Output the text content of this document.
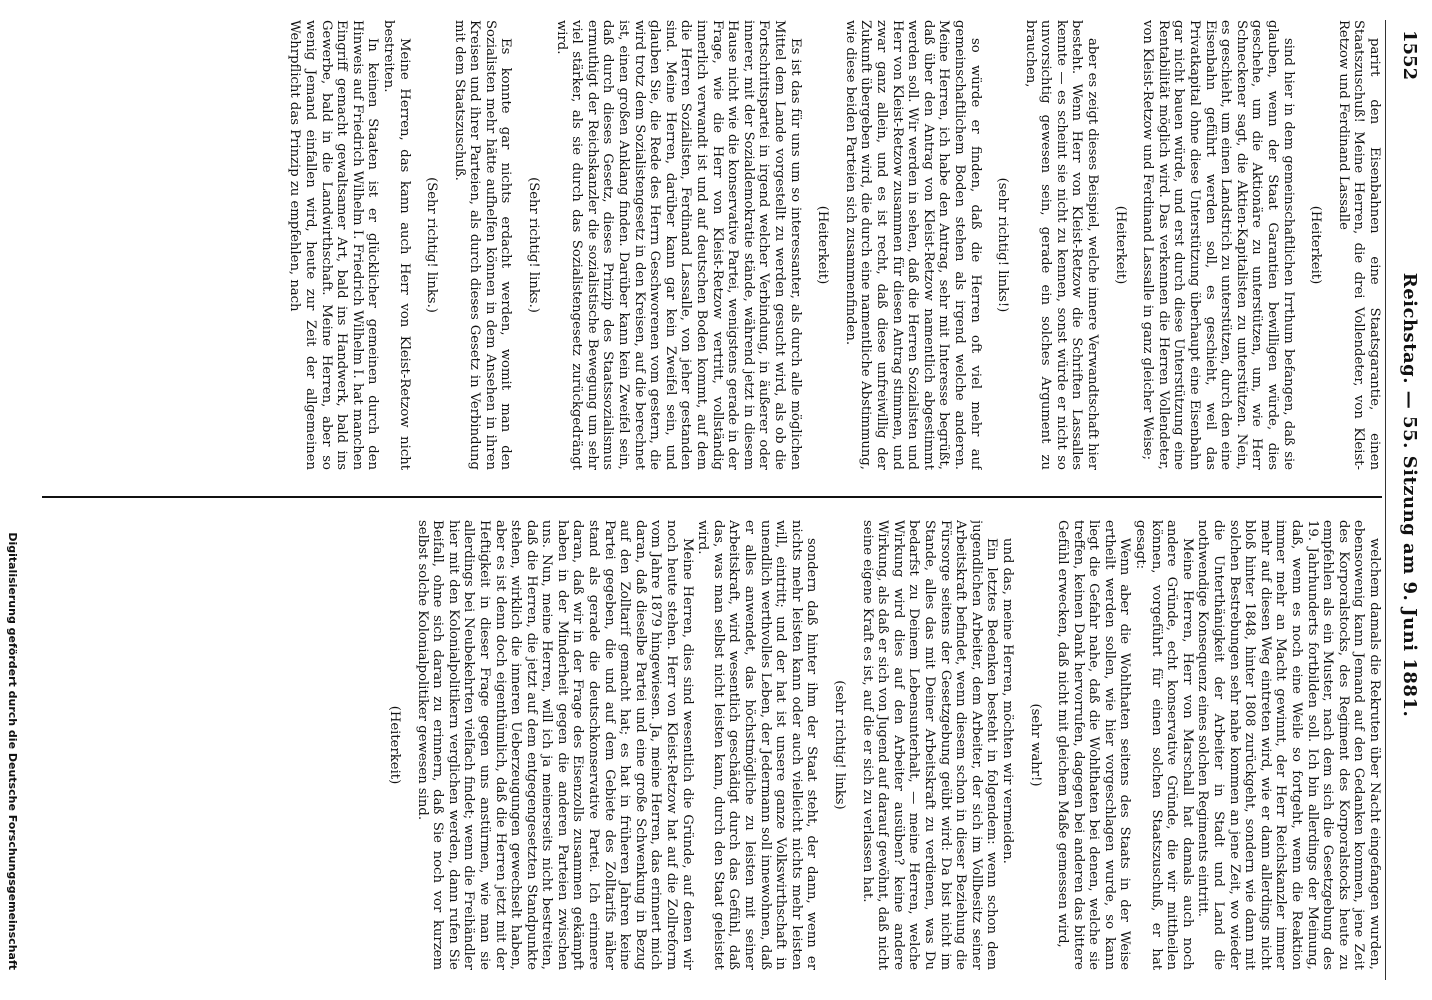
1552
Reichstag. — 55. Sitzung am 9. Juni 1881.

parirt den Eisenbahnen eine Staatsgarantie, einen Staatszuschuß! Meine Herren, die drei Vollendeter, von Kleist-Retzow und Ferdinand Lassalle

(Heiterkeit)

sind hier in dem gemeinschaftlichen Irrthum befangen, daß sie glauben, wenn der Staat Garantien bewilligen würde, dies geschehe, um die Aktionäre zu unterstützen, um, wie Herr Schneckener sagt, die Aktien-Kapitalisten zu unterstützen. Nein, es geschieht, um einen Landstrich zu unterstützen, durch den eine Eisenbahn geführt werden soll, es geschieht, weil das Privatkapital ohne diese Unterstützung überhaupt eine Eisenbahn gar nicht bauen würde, und erst durch diese Unterstützung eine Rentabilität möglich wird. Das verkennen die Herren Vollendeter, von Kleist-Retzow und Ferdinand Lassalle in ganz gleicher Weise;

(Heiterkeit)

aber es zeigt dieses Beispiel, welche innere Verwandtschaft hier besteht. Wenn Herr von Kleist-Retzow die Schriften Lassalles kennte — es scheint sie nicht zu kennen, sonst würde er nicht so unvorsichtig gewesen sein, gerade ein solches Argument zu brauchen,

(sehr richtig! links!)

so würde er finden, daß die Herren oft viel mehr auf gemeinschaftlichem Boden stehen als irgend welche anderen. Meine Herren, ich habe den Antrag, sehr mit Interesse begrüßt, daß über den Antrag von Kleist-Retzow namentlich abgestimmt werden soll. Wir werden in sehen, daß die Herren Sozialisten und Herr von Kleist-Retzow zusammen für diesen Antrag stimmen, und zwar ganz allein, und es ist recht, daß diese unfreiwillig der Zukunft übergeben wird, die durch eine namentliche Abstimmung, wie diese beiden Parteien sich zusammenfinden.

(Heiterkeit)

Es ist das für uns um so interessanter, als durch alle möglichen Mittel dem Lande vorgestellt zu werden gesucht wird, als ob die Fortschrittspartei in irgend welcher Verbindung, in äußerer oder innerer, mit der Sozialdemokratie stände, während jetzt in diesem Hause nicht wie die konservative Partei, wenigstens gerade in der Frage, wie die Herr von Kleist-Retzow vertritt, vollständig innerlich verwandt ist und auf deutschen Boden kommt, auf dem die Herren Sozialisten, Ferdinand Lassalle, von jeher gestanden sind. Meine Herren, darüber kann gar kein Zweifel sein, und glauben Sie, die Rede des Herrn Geschworenen vom gestern, die wird trotz dem Sozialistengesetz in den Kreisen, auf die berechnet ist, einen großen Anklang finden. Darüber kann kein Zweifel sein, daß durch dieses Gesetz, dieses Prinzip des Staatssozialismus ermuthigt der Reichskanzler die sozialistische Bewegung um sehr viel stärker, als sie durch das Sozialistengesetz zurückgedrängt wird.

(Sehr richtig! links.)

Es konnte gar nichts erdacht werden, womit man den Sozialisten mehr hätte aufhelfen können in dem Ansehen in ihren Kreisen und ihrer Parteien, als durch dieses Gesetz in Verbindung mit dem Staatszuschuß.

(Sehr richtig! links.)

Meine Herren, das kann auch Herr von Kleist-Retzow nicht bestreiten.

In keinen Staaten ist er glücklicher gemeinen durch den Hinweis auf Friedrich Wilhelm I. Friedrich Wilhelm I. hat manchen Eingriff gemacht gewaltsamer Art, bald ins Handwerk, bald ins Gewerbe, bald in die Landwirthschaft. Meine Herren, aber so wenig Jemand einfallen wird, heute zur Zeit der allgemeinen Wehrpflicht das Prinzip zu empfehlen, nach

welchem damals die Rekruten über Nacht eingefangen wurden, ebensowenig kann Jemand auf den Gedanken kommen, jene Zeit des Korporalstocks, des Regiment des Korporalstocks heute zu empfehlen als ein Muster, nach dem sich die Gesetzgebung des 19. Jahrhunderts fortbilden soll. Ich bin allerdings der Meinung, daß, wenn es noch eine Weile so fortgeht, wenn die Reaktion immer mehr an Macht gewinnt, der Herr Reichskanzler immer mehr auf diesen Weg eintreten wird, wie er dann allerdings nicht bloß hinter 1848, hinter 1808 zurückgeht, sondern wie dann mit solchen Bestrebungen sehr nahe kommen an jene Zeit, wo wieder die Unterthänigkeit der Arbeiter in Stadt und Land die nothwendige Konsequenz eines solchen Regiments eintritt.

Meine Herren, Herr von Marschall hat damals auch noch andere Gründe, echt konservative Gründe, die wir mittheilen können, vorgeführt für einen solchen Staatszuschuß, er hat gesagt:

Wenn aber die Wohlthaten seitens des Staats in der Weise ertheilt werden sollen, wie hier vorgeschlagen wurde, so kann liegt die Gefahr nahe, daß die Wohlthaten bei denen, welche sie treffen, keinen Dank hervorrufen, dagegen bei anderen das bittere Gefühl erwecken, daß nicht mit gleichem Maße gemessen wird,

(sehr wahr!)

und das, meine Herren, möchten wir vermeiden.

Ein letztes Bedenken besteht in folgendem: wenn schon dem jugendlichen Arbeiter, dem Arbeiter, der sich im Vollbesitz seiner Arbeitskraft befindet, wenn diesem schon in dieser Beziehung die Fürsorge seitens der Gesetzgebung geübt wird: Da bist nicht im Stande, alles das mit Deiner Arbeitskraft zu verdienen, was Du bedarfst zu Deinem Lebensunterhalt, — meine Herren, welche Wirkung wird dies auf den Arbeiter ausüben? keine andere Wirkung, als daß er sich von Jugend auf darauf gewöhnt, daß nicht seine eigene Kraft es ist, auf die er sich zu verlassen hat.

(sehr richtig! links)

sondern daß hinter ihm der Staat steht, der dann, wenn er nichts mehr leisten kann oder auch vielleicht nichts mehr leisten will, eintritt; und der hat ist unsere ganze Volkswirthschaft in unendlich werthvolles Leben, der Jedermann soll innewohnen, daß er alles anwendet, das höchstmögliche zu leisten mit seiner Arbeitskraft, wird wesentlich geschädigt durch das Gefühl, daß das, was man selbst nicht leisten kann, durch den Staat geleistet wird.

Meine Herren, dies sind wesentlich die Gründe, auf denen wir noch heute stehen. Herr von Kleist-Retzow hat auf die Zollreform vom Jahre 1879 hingewiesen. Ja, meine Herren, das erinnert mich daran, daß dieselbe Partei und eine große Schwenkung in Bezug auf den Zolltarif gemacht hat; es hat in früheren Jahren keine Partei gegeben, die und auf dem Gebiete des Zolltarifs näher stand als gerade die deutschkonservative Partei. Ich erinnere daran, daß wir in der Frage des Eisenzolls zusammen gekämpft haben in der Minderheit gegen die anderen Parteien zwischen uns. Nun, meine Herren, will ich ja meinerseits nicht bestreiten, daß die Herren, die jetzt auf dem entgegengesetzten Standpunkte stehen, wirklich die inneren Ueberzeugungen gewechselt haben, aber es ist denn doch eigenthümlich, daß die Herren jetzt mit der Heftigkeit in dieser Frage gegen uns anstürmen, wie man sie allerdings bei Neubekehrten vielfach findet; wenn die Freihändler hier mit den Kolonialpolitikern verglichen werden, dann rufen Sie Beifall, ohne sich daran zu erinnern, daß Sie noch vor kurzem selbst solche Kolonialpolitiker gewesen sind.

(Heiterkeit)

Digitalisierung gefördert durch die Deutsche Forschungsgemeinschaft
